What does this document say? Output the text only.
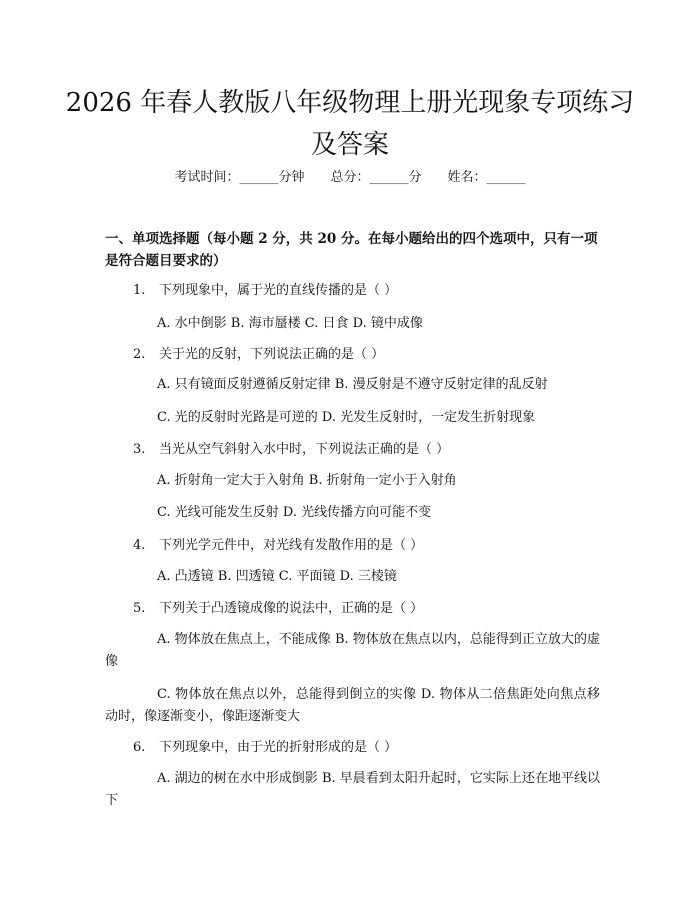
2026 年春人教版八年级物理上册光现象专项练习及答案
考试时间：______分钟　　总分：______分　　姓名：______
一、单项选择题（每小题 2 分，共 20 分。在每小题给出的四个选项中，只有一项是符合题目要求的）
1. 下列现象中，属于光的直线传播的是（ ）
A. 水中倒影 B. 海市蜃楼 C. 日食 D. 镜中成像
2. 关于光的反射，下列说法正确的是（ ）
A. 只有镜面反射遵循反射定律 B. 漫反射是不遵守反射定律的乱反射
C. 光的反射时光路是可逆的 D. 光发生反射时，一定发生折射现象
3. 当光从空气斜射入水中时，下列说法正确的是（ ）
A. 折射角一定大于入射角 B. 折射角一定小于入射角
C. 光线可能发生反射 D. 光线传播方向可能不变
4. 下列光学元件中，对光线有发散作用的是（ ）
A. 凸透镜 B. 凹透镜 C. 平面镜 D. 三棱镜
5. 下列关于凸透镜成像的说法中，正确的是（ ）
A. 物体放在焦点上，不能成像 B. 物体放在焦点以内，总能得到正立放大的虚像
C. 物体放在焦点以外，总能得到倒立的实像 D. 物体从二倍焦距处向焦点移动时，像逐渐变小，像距逐渐变大
6. 下列现象中，由于光的折射形成的是（ ）
A. 湖边的树在水中形成倒影 B. 早晨看到太阳升起时，它实际上还在地平线以下
